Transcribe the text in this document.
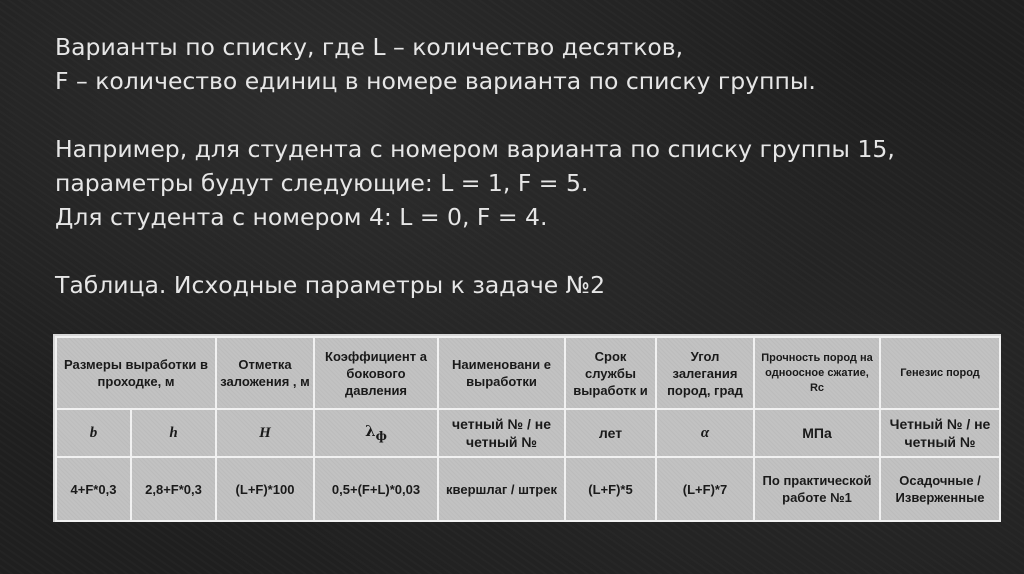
Варианты по списку, где L – количество десятков,

F – количество единиц в номере варианта по списку группы.

Например, для студента с номером варианта по списку группы 15,

параметры будут следующие: L = 1, F = 5.

Для студента с номером 4: L = 0, F = 4.

Таблица. Исходные параметры к задаче №2

Размеры выработки в проходке, м		Отметка заложения , м	Коэффициент а бокового давления	Наименовани е выработки	Срок службы выработк и	Угол залегания пород, град	Прочность пород на одноосное сжатие, Rc	Генезис пород
b	h	H	$\lambda_ф$	четный № / не четный №	лет	α	МПа	Четный № / не четный №
4+F*0,3	2,8+F*0,3	(L+F)*100	0,5+(F+L)*0,03	квершлаг / штрек	(L+F)*5	(L+F)*7	По практической работе №1	Осадочные / Изверженные
